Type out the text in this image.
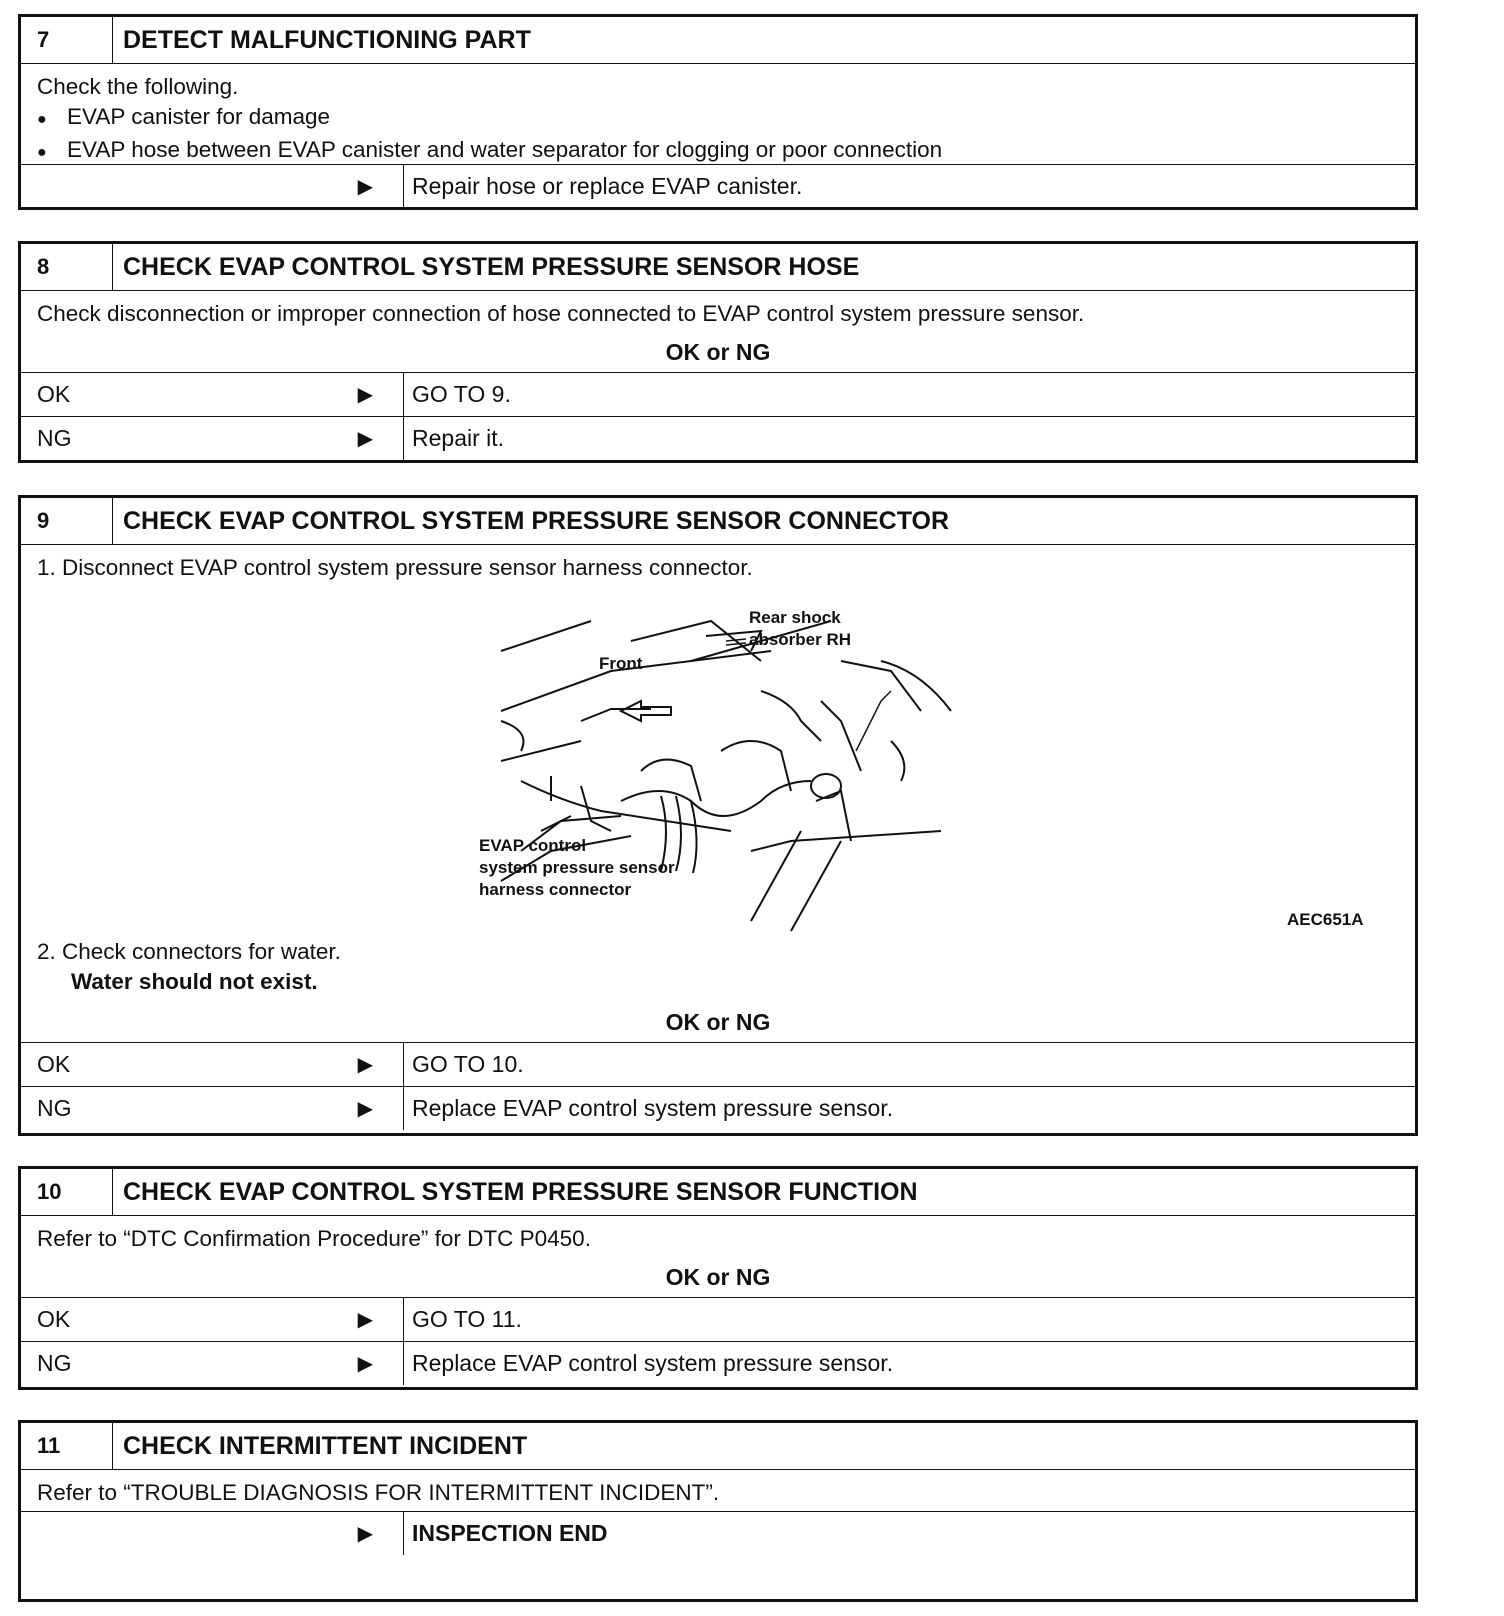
7	DETECT MALFUNCTIONING PART
Check the following.
● EVAP canister for damage
● EVAP hose between EVAP canister and water separator for clogging or poor connection
▶	Repair hose or replace EVAP canister.
8	CHECK EVAP CONTROL SYSTEM PRESSURE SENSOR HOSE
Check disconnection or improper connection of hose connected to EVAP control system pressure sensor.
OK or NG
OK	▶	GO TO 9.
NG	▶	Repair it.
9	CHECK EVAP CONTROL SYSTEM PRESSURE SENSOR CONNECTOR
1. Disconnect EVAP control system pressure sensor harness connector.
Rear shock
absorber RH
Front
EVAP control
system pressure sensor
harness connector
AEC651A
2. Check connectors for water.
Water should not exist.
OK or NG
OK	▶	GO TO 10.
NG	▶	Replace EVAP control system pressure sensor.
10	CHECK EVAP CONTROL SYSTEM PRESSURE SENSOR FUNCTION
Refer to “DTC Confirmation Procedure” for DTC P0450.
OK or NG
OK	▶	GO TO 11.
NG	▶	Replace EVAP control system pressure sensor.
11	CHECK INTERMITTENT INCIDENT
Refer to “TROUBLE DIAGNOSIS FOR INTERMITTENT INCIDENT”.
▶	INSPECTION END
